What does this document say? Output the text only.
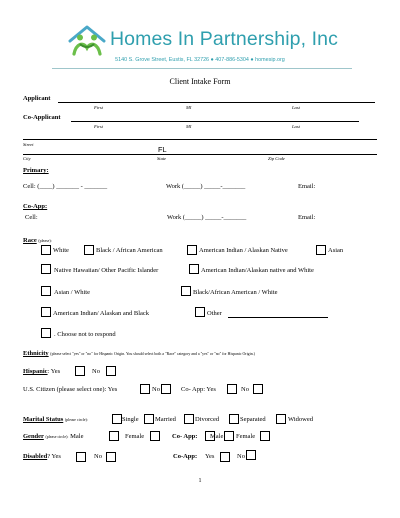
Homes In Partnership, Inc
5140 S. Grove Street, Eustis, FL 32726 ● 407-886-5304 ● homesip.org
Client Intake Form
Applicant
First	MI	Last
Co-Applicant
First	MI	Last
Street
FL
City	State	Zip Code
Primary:
Cell: (____) _______ - _______	Work (_____) _____-_______	Email:
Co-App:
Cell:	Work (_____) _____-_______	Email:
Race (please):
White	Black / African American	American Indian / Alaskan Native	Asian
Native Hawaiian/ Other Pacific Islander	American Indian/Alaskan native and White
Asian / White	Black/African American / White
American Indian/ Alaskan and Black	Other
. Choose not to respond
Ethnicity (please select "yes" or "no" for Hispanic Origin. You should select both a "Race" category and a "yes" or "no" for Hispanic Origin.)
Hispanic: Yes	No
U.S. Citizen (please select one): Yes	No	Co- App: Yes	No
Marital Status (please circle):	Single	Married	Divorced	Separated	Widowed
Gender (please circle): Male	Female	Co- App: Male Female
Disabled? Yes	No	Co-App: Yes	No
1
